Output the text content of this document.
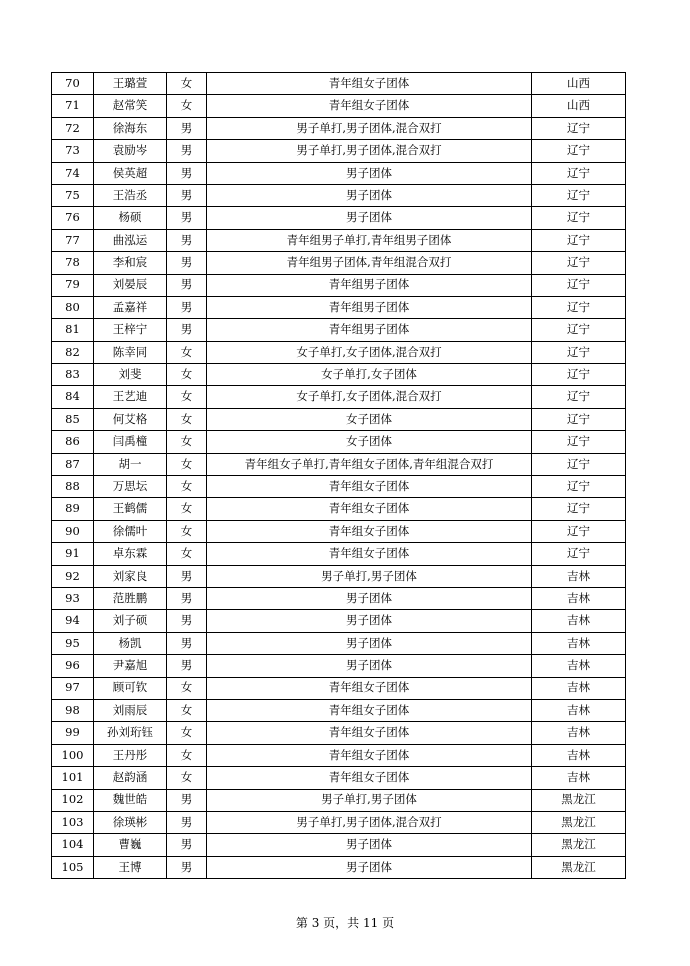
70	王璐萱	女	青年组女子团体	山西
71	赵常笑	女	青年组女子团体	山西
72	徐海东	男	男子单打,男子团体,混合双打	辽宁
73	袁励岑	男	男子单打,男子团体,混合双打	辽宁
74	侯英超	男	男子团体	辽宁
75	王浩丞	男	男子团体	辽宁
76	杨硕	男	男子团体	辽宁
77	曲泓运	男	青年组男子单打,青年组男子团体	辽宁
78	李和宸	男	青年组男子团体,青年组混合双打	辽宁
79	刘晏辰	男	青年组男子团体	辽宁
80	孟嘉祥	男	青年组男子团体	辽宁
81	王梓宁	男	青年组男子团体	辽宁
82	陈幸同	女	女子单打,女子团体,混合双打	辽宁
83	刘斐	女	女子单打,女子团体	辽宁
84	王艺迪	女	女子单打,女子团体,混合双打	辽宁
85	何艾格	女	女子团体	辽宁
86	闫禹橦	女	女子团体	辽宁
87	胡一	女	青年组女子单打,青年组女子团体,青年组混合双打	辽宁
88	万思坛	女	青年组女子团体	辽宁
89	王鹤儒	女	青年组女子团体	辽宁
90	徐儒叶	女	青年组女子团体	辽宁
91	卓东霖	女	青年组女子团体	辽宁
92	刘家良	男	男子单打,男子团体	吉林
93	范胜鹏	男	男子团体	吉林
94	刘子硕	男	男子团体	吉林
95	杨凯	男	男子团体	吉林
96	尹嘉旭	男	男子团体	吉林
97	顾可钦	女	青年组女子团体	吉林
98	刘雨辰	女	青年组女子团体	吉林
99	孙刘珩钰	女	青年组女子团体	吉林
100	王丹彤	女	青年组女子团体	吉林
101	赵韵涵	女	青年组女子团体	吉林
102	魏世皓	男	男子单打,男子团体	黑龙江
103	徐瑛彬	男	男子单打,男子团体,混合双打	黑龙江
104	曹巍	男	男子团体	黑龙江
105	王博	男	男子团体	黑龙江
第 3 页，共 11 页
